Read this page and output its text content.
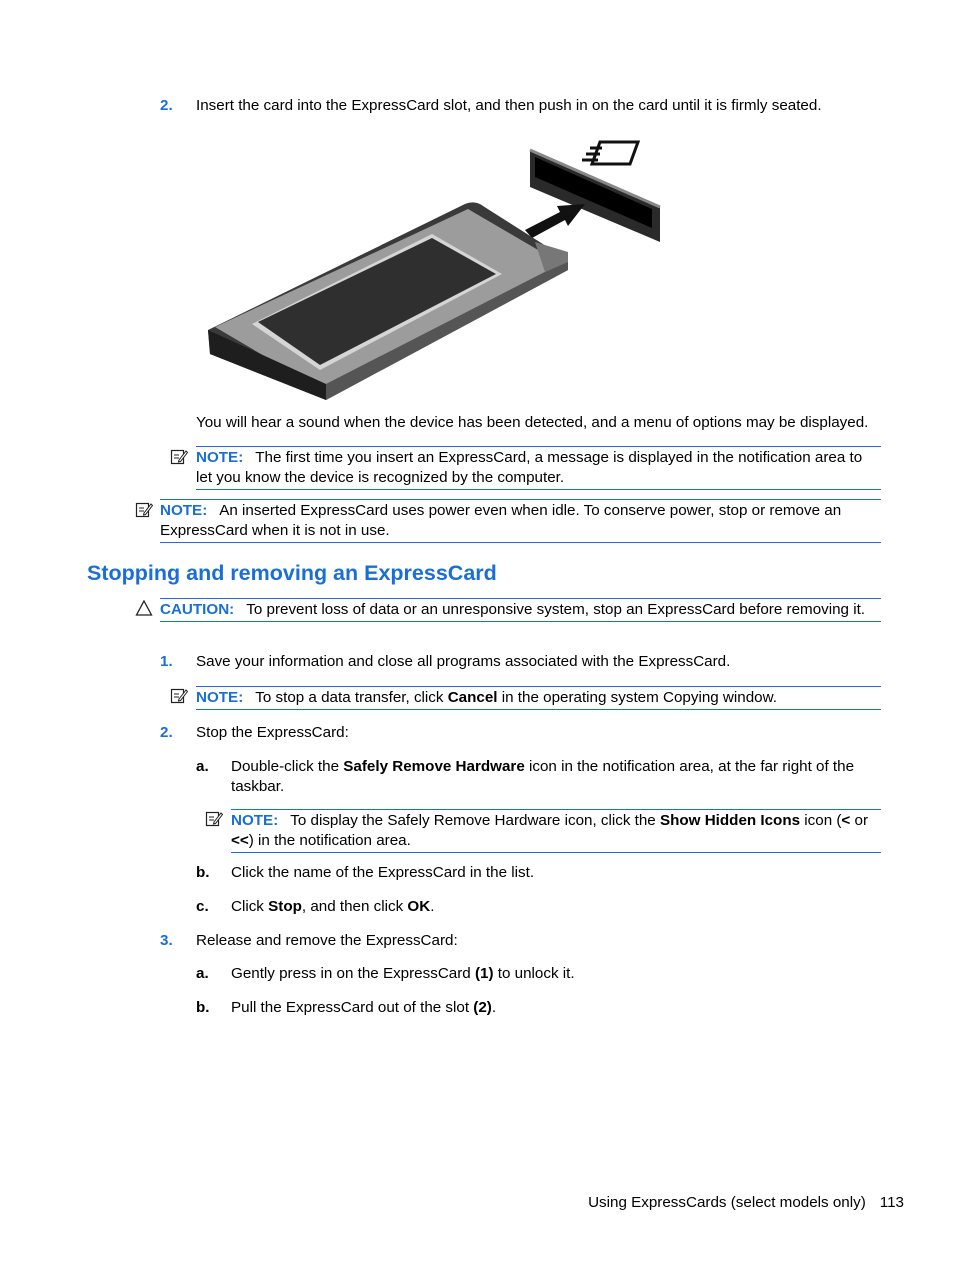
2. Insert the card into the ExpressCard slot, and then push in on the card until it is firmly seated.
You will hear a sound when the device has been detected, and a menu of options may be displayed.
NOTE: The first time you insert an ExpressCard, a message is displayed in the notification area to let you know the device is recognized by the computer.
NOTE: An inserted ExpressCard uses power even when idle. To conserve power, stop or remove an ExpressCard when it is not in use.
Stopping and removing an ExpressCard
CAUTION: To prevent loss of data or an unresponsive system, stop an ExpressCard before removing it.
1. Save your information and close all programs associated with the ExpressCard.
NOTE: To stop a data transfer, click Cancel in the operating system Copying window.
2. Stop the ExpressCard:
a. Double-click the Safely Remove Hardware icon in the notification area, at the far right of the taskbar.
NOTE: To display the Safely Remove Hardware icon, click the Show Hidden Icons icon (< or <<) in the notification area.
b. Click the name of the ExpressCard in the list.
c. Click Stop, and then click OK.
3. Release and remove the ExpressCard:
a. Gently press in on the ExpressCard (1) to unlock it.
b. Pull the ExpressCard out of the slot (2).
Using ExpressCards (select models only) 113
